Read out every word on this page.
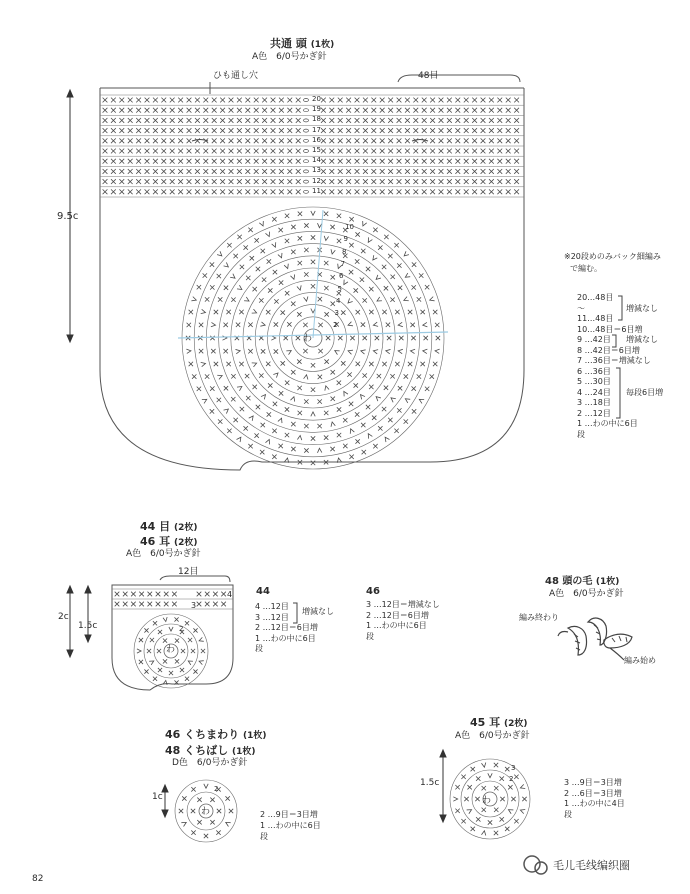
共通 頭 (1枚)
A色　6/0号かぎ針
ひも通し穴	48目
9.5c
わ
20
19
18
17
16
15
14
13
12
11
10
9
8
7
6
5
4
3
2
※20段めのみバック細編み
で編む。
20…48目
〜	増減なし
11…48目
10…48目＝6目増
9 …42目 増減なし
8 …42目＝6目増
7 …36目＝増減なし
6 …36目
5 …30目
4 …24目 毎段6目増
3 …18目
2 …12目
1 …わの中に6目
段
44 目 (2枚)
46 耳 (2枚)
A色　6/0号かぎ針
12目
2c
1.5c
4
3
2
わ
44
4 …12目
3 …12目
2 …12目＝6目増
1 …わの中に6目
段
増減なし
46
3 …12目＝増減なし
2 …12目＝6目増
1 …わの中に6目
段
48 頭の毛 (1枚)
A色　6/0号かぎ針
編み終わり
編み始め
46 くちまわり (1枚)
48 くちばし (1枚)
D色　6/0号かぎ針
1c
2
わ	2 …9目＝3目増
1 …わの中に6目
段
45 耳 (2枚)
A色　6/0号かぎ針
1.5c
3
2
わ
3 …9目＝3目増
2 …6目＝3目増
1 …わの中に4目
段
82
毛儿毛线编织圈
